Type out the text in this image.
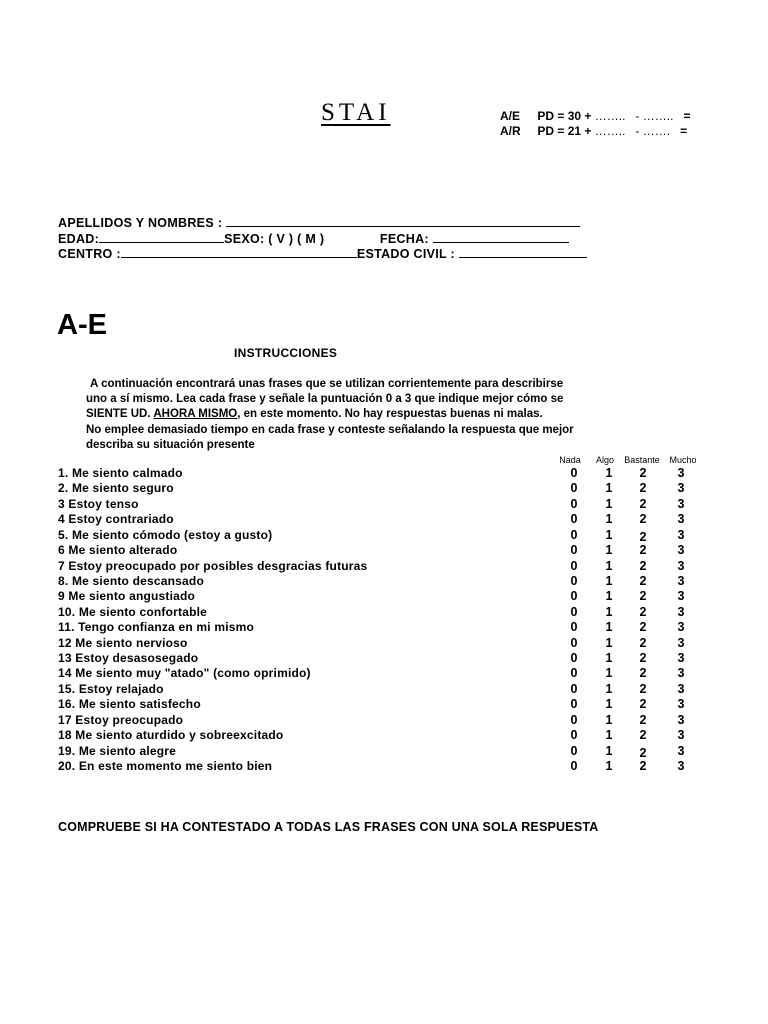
STAI	A/E PD = 30 + …….. - …….. =
A/R PD = 21 + …….. - ……. =
APELLIDOS Y NOMBRES :
EDAD:	SEXO: ( V ) ( M )	FECHA:
CENTRO :	ESTADO CIVIL :
A-E
INSTRUCCIONES
A continuación encontrará unas frases que se utilizan corrientemente para describirse
uno a sí mismo. Lea cada frase y señale la puntuación 0 a 3 que indique mejor cómo se
SIENTE UD. AHORA MISMO, en este momento. No hay respuestas buenas ni malas.
No emplee demasiado tiempo en cada frase y conteste señalando la respuesta que mejor
describa su situación presente
Nada	Algo	Bastante	Mucho
1. Me siento calmado	0	1	2	3
2. Me siento seguro	0	1	2	3
3 Estoy tenso	0	1	2	3
4 Estoy contrariado	0	1	2	3
5. Me siento cómodo (estoy a gusto)	0	1	2	3
6 Me siento alterado	0	1	2	3
7 Estoy preocupado por posibles desgracias futuras	0	1	2	3
8. Me siento descansado	0	1	2	3
9 Me siento angustiado	0	1	2	3
10. Me siento confortable	0	1	2	3
11. Tengo confianza en mi mismo	0	1	2	3
12 Me siento nervioso	0	1	2	3
13 Estoy desasosegado	0	1	2	3
14 Me siento muy "atado" (como oprimido)	0	1	2	3
15. Estoy relajado	0	1	2	3
16. Me siento satisfecho	0	1	2	3
17 Estoy preocupado	0	1	2	3
18 Me siento aturdido y sobreexcitado	0	1	2	3
19. Me siento alegre	0	1	2	3
20. En este momento me siento bien	0	1	2	3
COMPRUEBE SI HA CONTESTADO A TODAS LAS FRASES CON UNA SOLA RESPUESTA
